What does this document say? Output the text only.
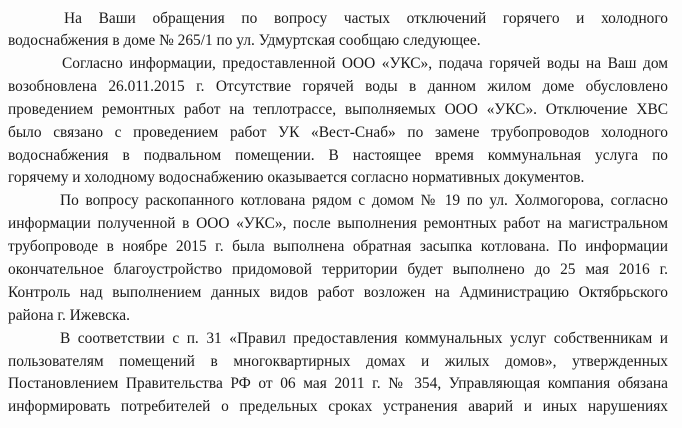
На Ваши обращения по вопросу частых отключений горячего и холодного
водоснабжения в доме № 265/1 по ул. Удмуртская сообщаю следующее.
Согласно информации, предоставленной ООО «УКС», подача горячей воды на Ваш дом
возобновлена 26.011.2015 г. Отсутствие горячей воды в данном жилом доме обусловлено
проведением ремонтных работ на теплотрассе, выполняемых ООО «УКС». Отключение ХВС
было связано с проведением работ УК «Вест-Снаб» по замене трубопроводов холодного
водоснабжения в подвальном помещении. В настоящее время коммунальная услуга по
горячему и холодному водоснабжению оказывается согласно нормативных документов.
По вопросу раскопанного котлована рядом с домом № 19 по ул. Холмогорова, согласно
информации полученной в ООО «УКС», после выполнения ремонтных работ на магистральном
трубопроводе в ноябре 2015 г. была выполнена обратная засыпка котлована. По информации
окончательное благоустройство придомовой территории будет выполнено до 25 мая 2016 г.
Контроль над выполнением данных видов работ возложен на Администрацию Октябрьского
района г. Ижевска.
В соответствии с п. 31 «Правил предоставления коммунальных услуг собственникам и
пользователям помещений в многоквартирных домах и жилых домов», утвержденных
Постановлением Правительства РФ от 06 мая 2011 г. № 354, Управляющая компания обязана
информировать потребителей о предельных сроках устранения аварий и иных нарушениях
